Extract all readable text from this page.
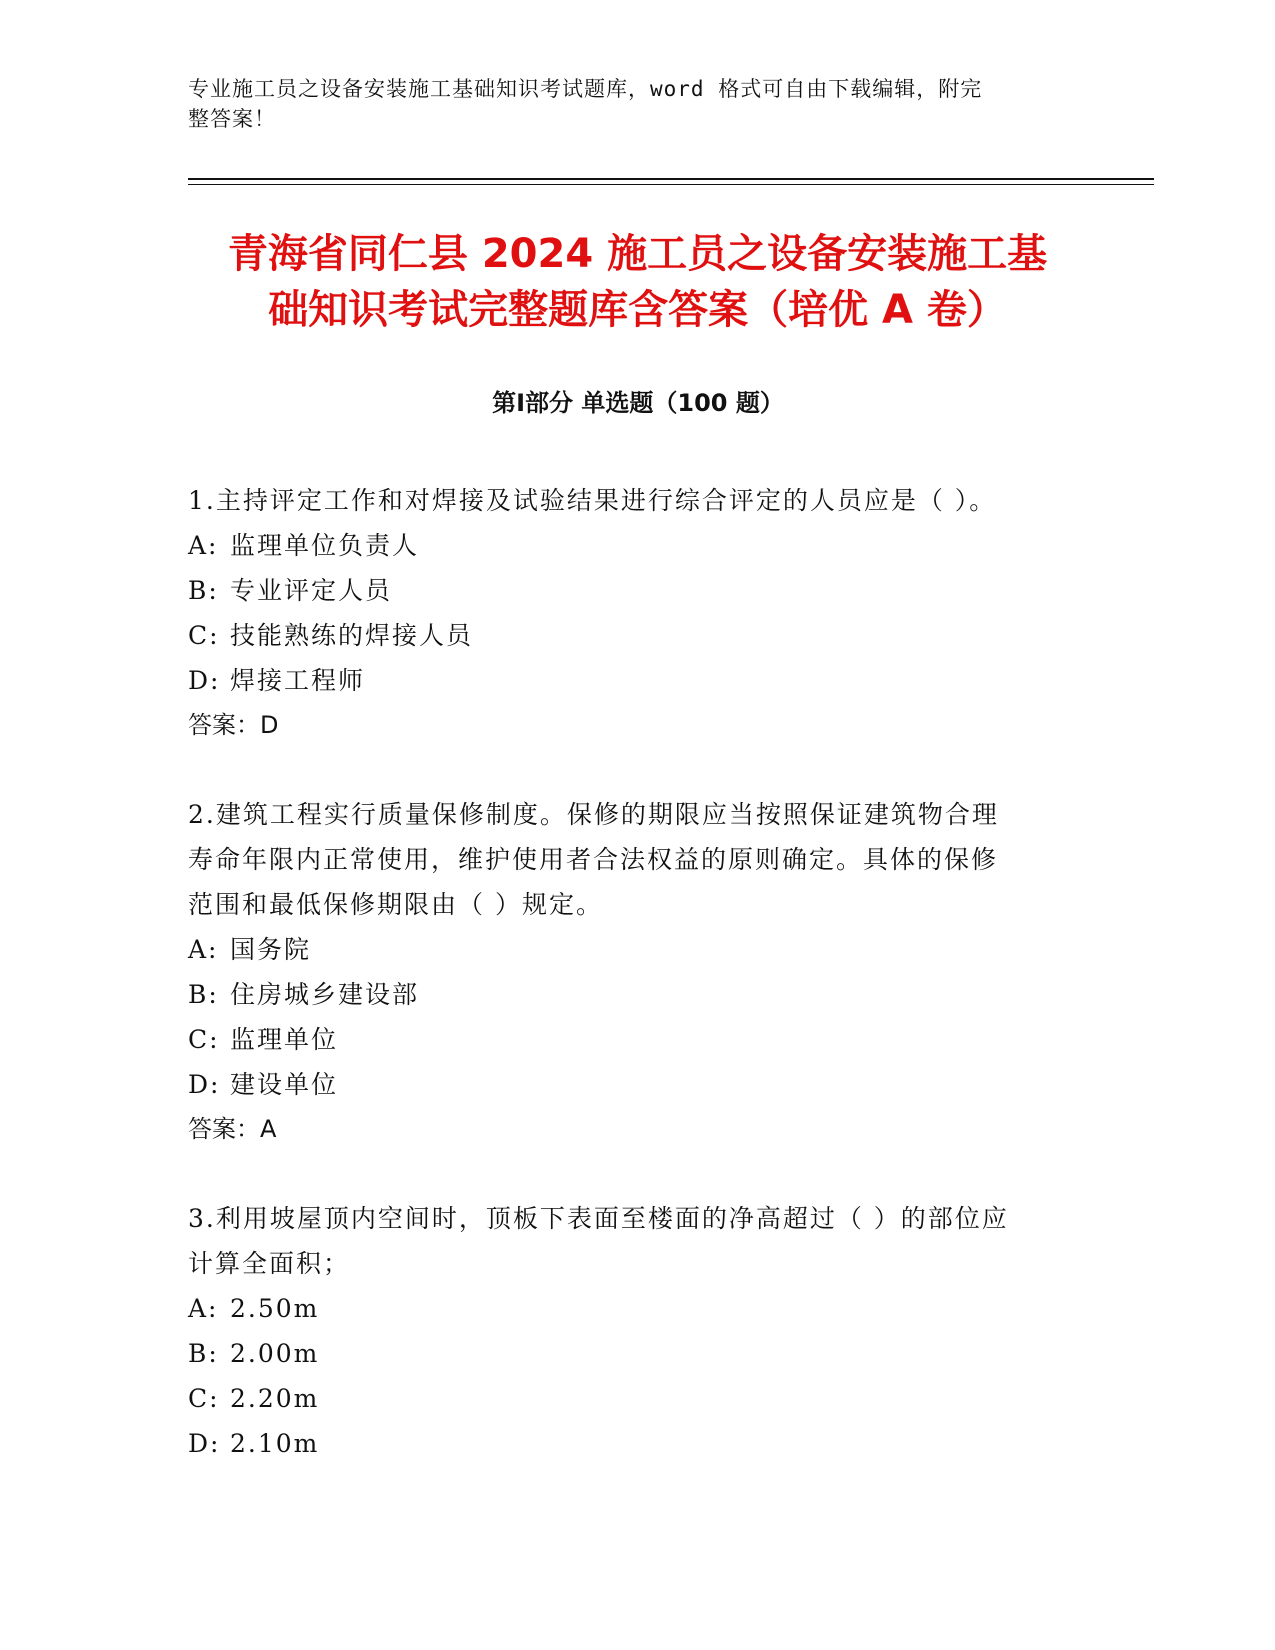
专业施工员之设备安装施工基础知识考试题库，word 格式可自由下载编辑，附完
整答案！
青海省同仁县 2024 施工员之设备安装施工基
础知识考试完整题库含答案（培优 A 卷）
第Ⅰ部分 单选题（100 题）
1.主持评定工作和对焊接及试验结果进行综合评定的人员应是（ ）。
A: 监理单位负责人
B: 专业评定人员
C: 技能熟练的焊接人员
D: 焊接工程师
答案：D
2.建筑工程实行质量保修制度。保修的期限应当按照保证建筑物合理
寿命年限内正常使用，维护使用者合法权益的原则确定。具体的保修
范围和最低保修期限由（ ）规定。
A: 国务院
B: 住房城乡建设部
C: 监理单位
D: 建设单位
答案：A
3.利用坡屋顶内空间时，顶板下表面至楼面的净高超过（ ）的部位应
计算全面积；
A: 2.50m
B: 2.00m
C: 2.20m
D: 2.10m
